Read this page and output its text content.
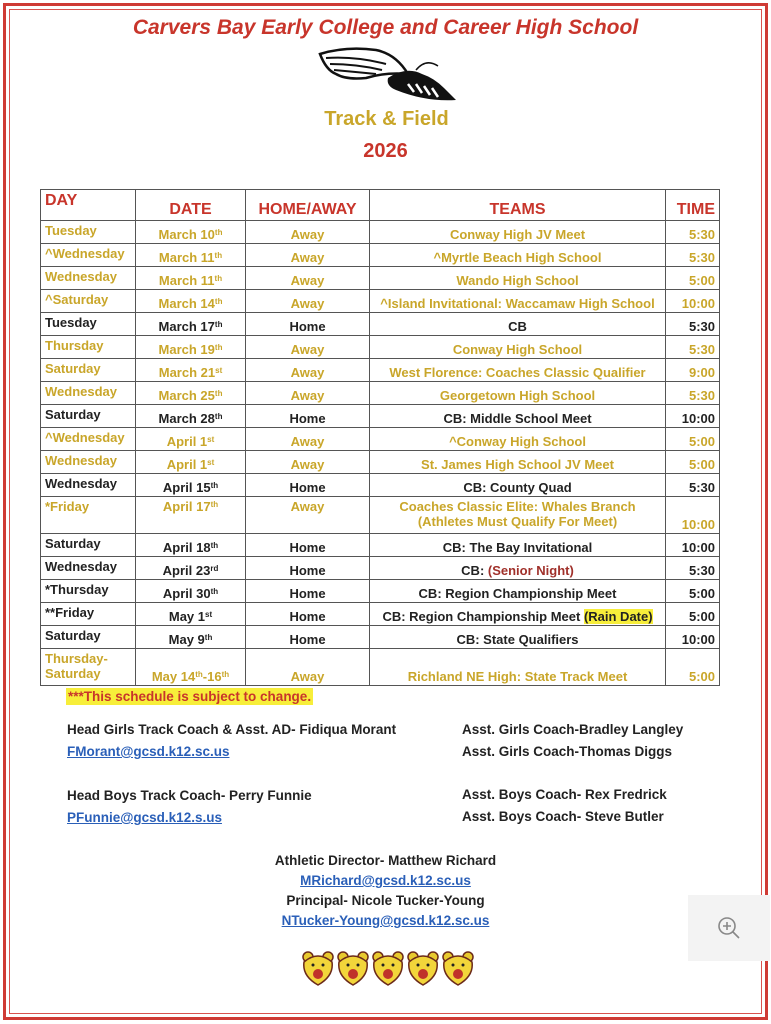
Carvers Bay Early College and Career High School
Track & Field
2026
DAY	DATE	HOME/AWAY	TEAMS	TIME
Tuesday	March 10th	Away	Conway High JV Meet	5:30
^Wednesday	March 11th	Away	^Myrtle Beach High School	5:30
Wednesday	March 11th	Away	Wando High School	5:00
^Saturday	March 14th	Away	^Island Invitational: Waccamaw High School	10:00
Tuesday	March 17th	Home	CB	5:30
Thursday	March 19th	Away	Conway High School	5:30
Saturday	March 21st	Away	West Florence: Coaches Classic Qualifier	9:00
Wednesday	March 25th	Away	Georgetown High School	5:30
Saturday	March 28th	Home	CB: Middle School Meet	10:00
^Wednesday	April 1st	Away	^Conway High School	5:00
Wednesday	April 1st	Away	St. James High School JV Meet	5:00
Wednesday	April 15th	Home	CB: County Quad	5:30
*Friday	April 17th	Away	Coaches Classic Elite: Whales Branch
(Athletes Must Qualify For Meet)	10:00
Saturday	April 18th	Home	CB: The Bay Invitational	10:00
Wednesday	April 23rd	Home	CB: (Senior Night)	5:30
*Thursday	April 30th	Home	CB: Region Championship Meet	5:00
**Friday	May 1st	Home	CB: Region Championship Meet (Rain Date)	5:00
Saturday	May 9th	Home	CB: State Qualifiers	10:00
Thursday-
Saturday	May 14th-16th	Away	Richland NE High: State Track Meet	5:00
***This schedule is subject to change.
Head Girls Track Coach & Asst. AD- Fidiqua Morant
FMorant@gcsd.k12.sc.us
Head Boys Track Coach- Perry Funnie
PFunnie@gcsd.k12.s.us
Asst. Girls Coach-Bradley Langley
Asst. Girls Coach-Thomas Diggs
Asst. Boys Coach- Rex Fredrick
Asst. Boys Coach- Steve Butler
Athletic Director- Matthew Richard
MRichard@gcsd.k12.sc.us
Principal- Nicole Tucker-Young
NTucker-Young@gcsd.k12.sc.us
